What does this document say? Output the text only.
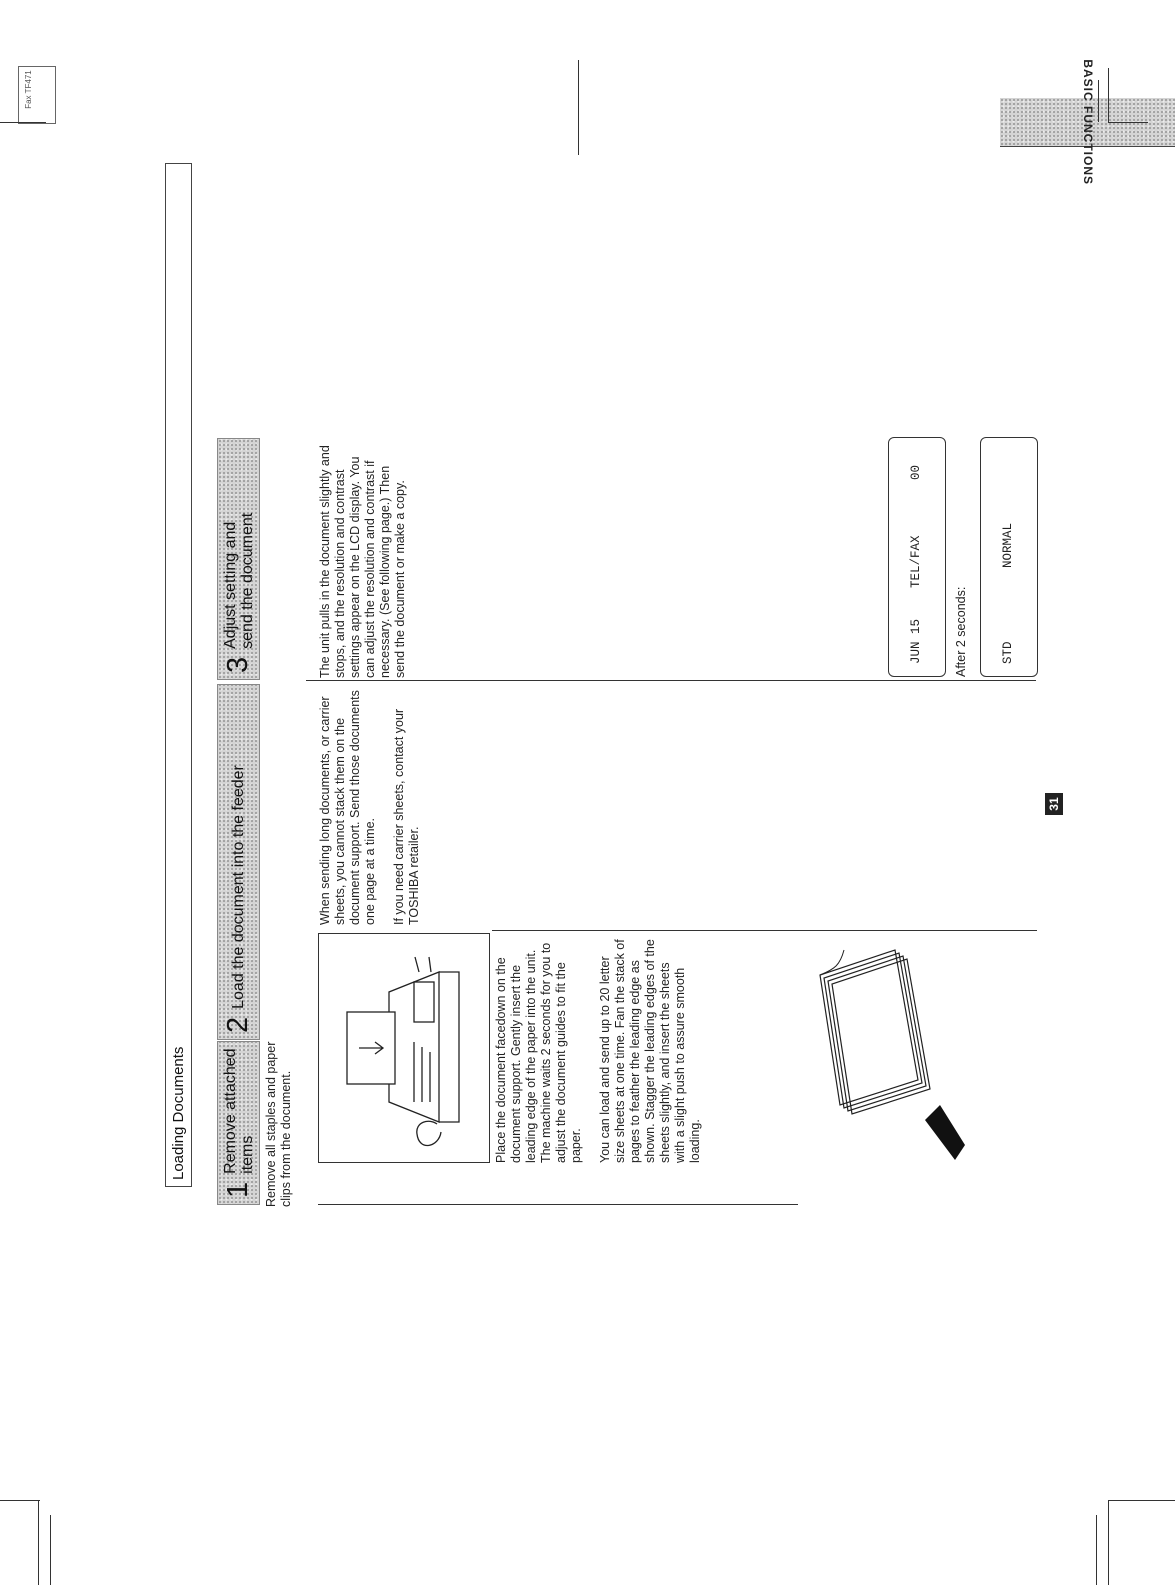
Loading Documents
1
Remove attached items Remove all staples and paper clips from the document.

2
Load the document into the feeder

Place the document facedown on the document support. Gently insert the leading edge of the paper into the unit. The machine waits 2 seconds for you to adjust the document guides to fit the paper. You can load and send up to 20 letter size sheets at one time. Fan the stack of pages to feather the leading edge as shown. Stagger the leading edges of the sheets slightly, and insert the sheets with a slight push to assure smooth loading.

When sending long documents, or carrier sheets, you cannot stack them on the document support. Send those documents one page at a time. If you need carrier sheets, contact your TOSHIBA retailer.

3
Adjust setting and
send the document	The unit pulls in the document slightly and stops, and the resolution and contrast settings appear on the LCD display. You can adjust the resolution and contrast if necessary. (See following page.) Then send the document or make a copy.	JUN 15
TEL/FAX
00
After 2 seconds:	STD
NORMAL
31
BASIC FUNCTIONS
Fax TF471
